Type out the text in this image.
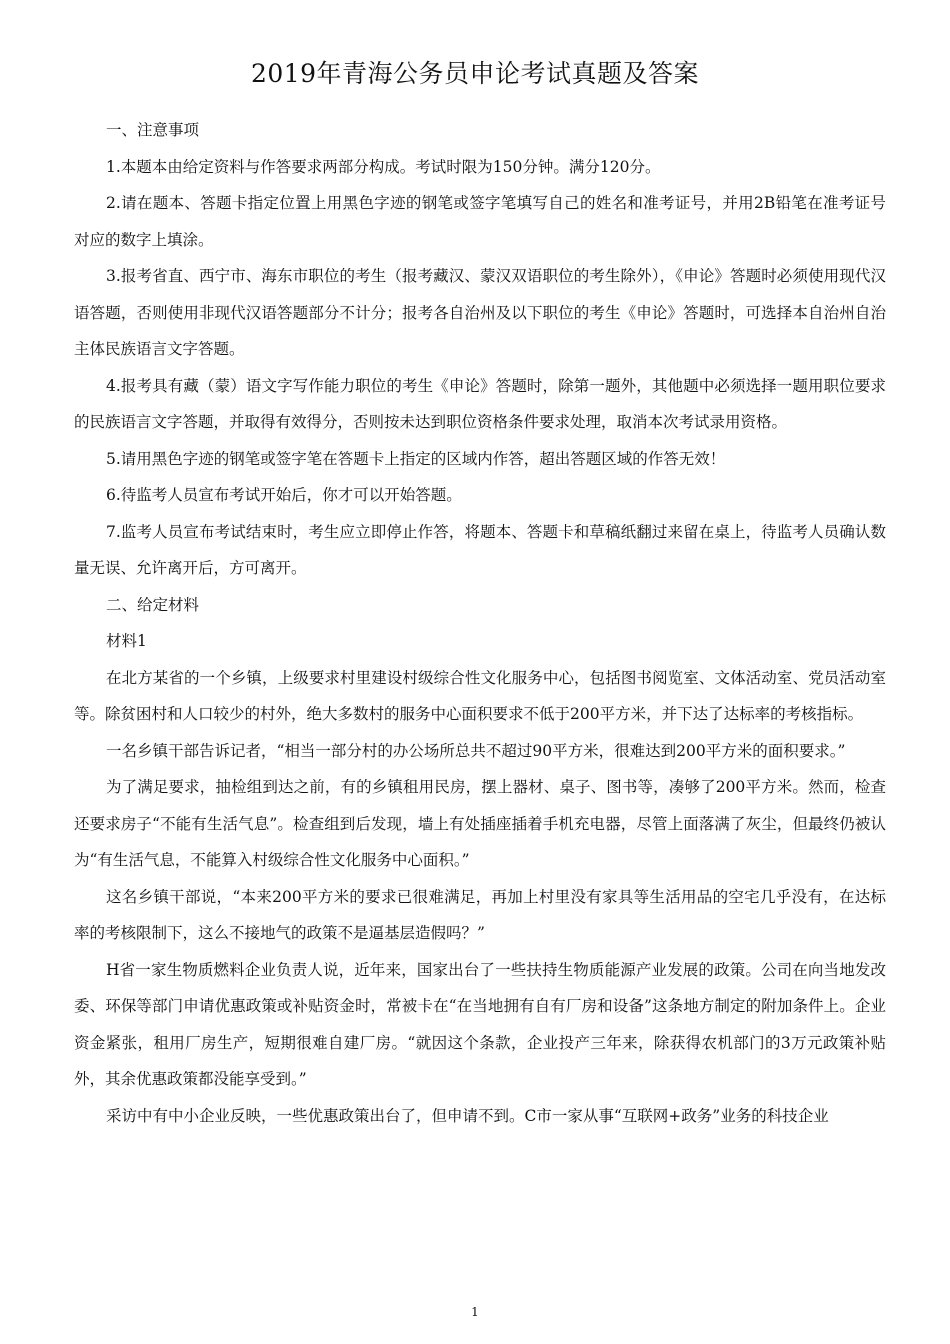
2019年青海公务员申论考试真题及答案

一、注意事项

1.本题本由给定资料与作答要求两部分构成。考试时限为150分钟。满分120分。

2.请在题本、答题卡指定位置上用黑色字迹的钢笔或签字笔填写自己的姓名和准考证号，并用2B铅笔在准考证号对应的数字上填涂。

3.报考省直、西宁市、海东市职位的考生（报考藏汉、蒙汉双语职位的考生除外），《申论》答题时必须使用现代汉语答题，否则使用非现代汉语答题部分不计分；报考各自治州及以下职位的考生《申论》答题时，可选择本自治州自治主体民族语言文字答题。

4.报考具有藏（蒙）语文字写作能力职位的考生《申论》答题时，除第一题外，其他题中必须选择一题用职位要求的民族语言文字答题，并取得有效得分，否则按未达到职位资格条件要求处理，取消本次考试录用资格。

5.请用黑色字迹的钢笔或签字笔在答题卡上指定的区域内作答，超出答题区域的作答无效！

6.待监考人员宣布考试开始后，你才可以开始答题。

7.监考人员宣布考试结束时，考生应立即停止作答，将题本、答题卡和草稿纸翻过来留在桌上，待监考人员确认数量无误、允许离开后，方可离开。

二、给定材料

材料1

在北方某省的一个乡镇，上级要求村里建设村级综合性文化服务中心，包括图书阅览室、文体活动室、党员活动室等。除贫困村和人口较少的村外，绝大多数村的服务中心面积要求不低于200平方米，并下达了达标率的考核指标。

一名乡镇干部告诉记者，“相当一部分村的办公场所总共不超过90平方米，很难达到200平方米的面积要求。”

为了满足要求，抽检组到达之前，有的乡镇租用民房，摆上器材、桌子、图书等，凑够了200平方米。然而，检查还要求房子“不能有生活气息”。检查组到后发现，墙上有处插座插着手机充电器，尽管上面落满了灰尘，但最终仍被认为“有生活气息，不能算入村级综合性文化服务中心面积。”

这名乡镇干部说，“本来200平方米的要求已很难满足，再加上村里没有家具等生活用品的空宅几乎没有，在达标率的考核限制下，这么不接地气的政策不是逼基层造假吗？”

H省一家生物质燃料企业负责人说，近年来，国家出台了一些扶持生物质能源产业发展的政策。公司在向当地发改委、环保等部门申请优惠政策或补贴资金时，常被卡在“在当地拥有自有厂房和设备”这条地方制定的附加条件上。企业资金紧张，租用厂房生产，短期很难自建厂房。“就因这个条款，企业投产三年来，除获得农机部门的3万元政策补贴外，其余优惠政策都没能享受到。”

采访中有中小企业反映，一些优惠政策出台了，但申请不到。C市一家从事“互联网+政务”业务的科技企业

1
